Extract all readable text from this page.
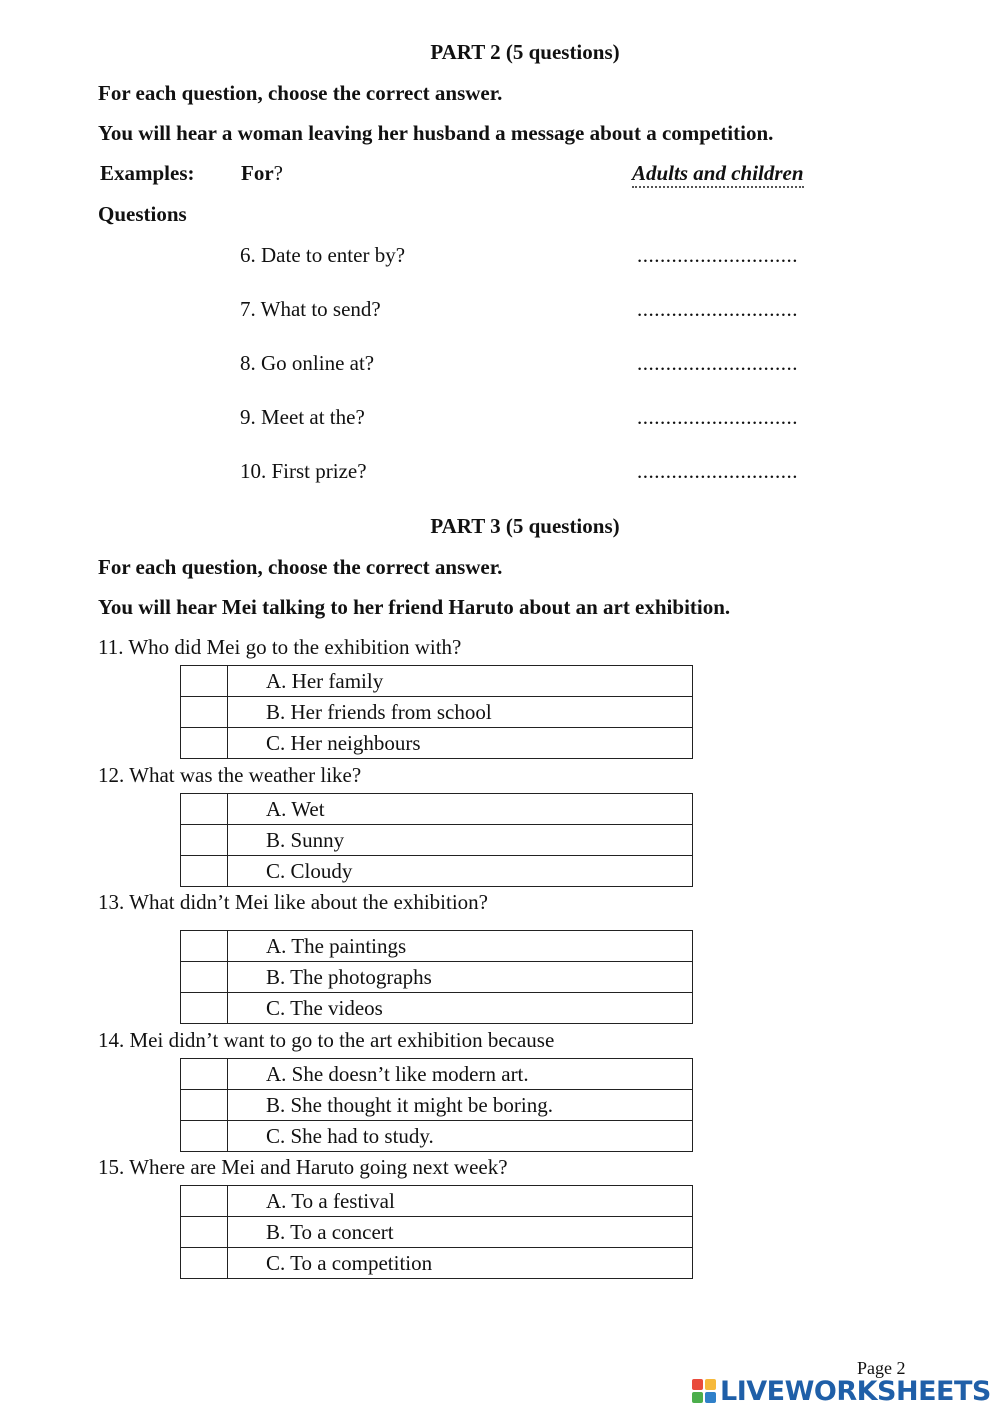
PART 2 (5 questions)
For each question, choose the correct answer.
You will hear a woman leaving her husband a message about a competition.
Examples: For?	Adults and children
Questions
6. Date to enter by?	............................
7. What to send?	............................
8. Go online at?	............................
9. Meet at the?	............................
10. First prize?	............................
PART 3 (5 questions)
For each question, choose the correct answer.
You will hear Mei talking to her friend Haruto about an art exhibition.
11. Who did Mei go to the exhibition with?
	A. Her family
	B. Her friends from school
	C. Her neighbours
12. What was the weather like?
	A. Wet
	B. Sunny
	C. Cloudy
13. What didn’t Mei like about the exhibition?
	A. The paintings
	B. The photographs
	C. The videos
14. Mei didn’t want to go to the art exhibition because
	A. She doesn’t like modern art.
	B. She thought it might be boring.
	C. She had to study.
15. Where are Mei and Haruto going next week?
	A. To a festival
	B. To a concert
	C. To a competition
Page 2
LIVEWORKSHEETS
